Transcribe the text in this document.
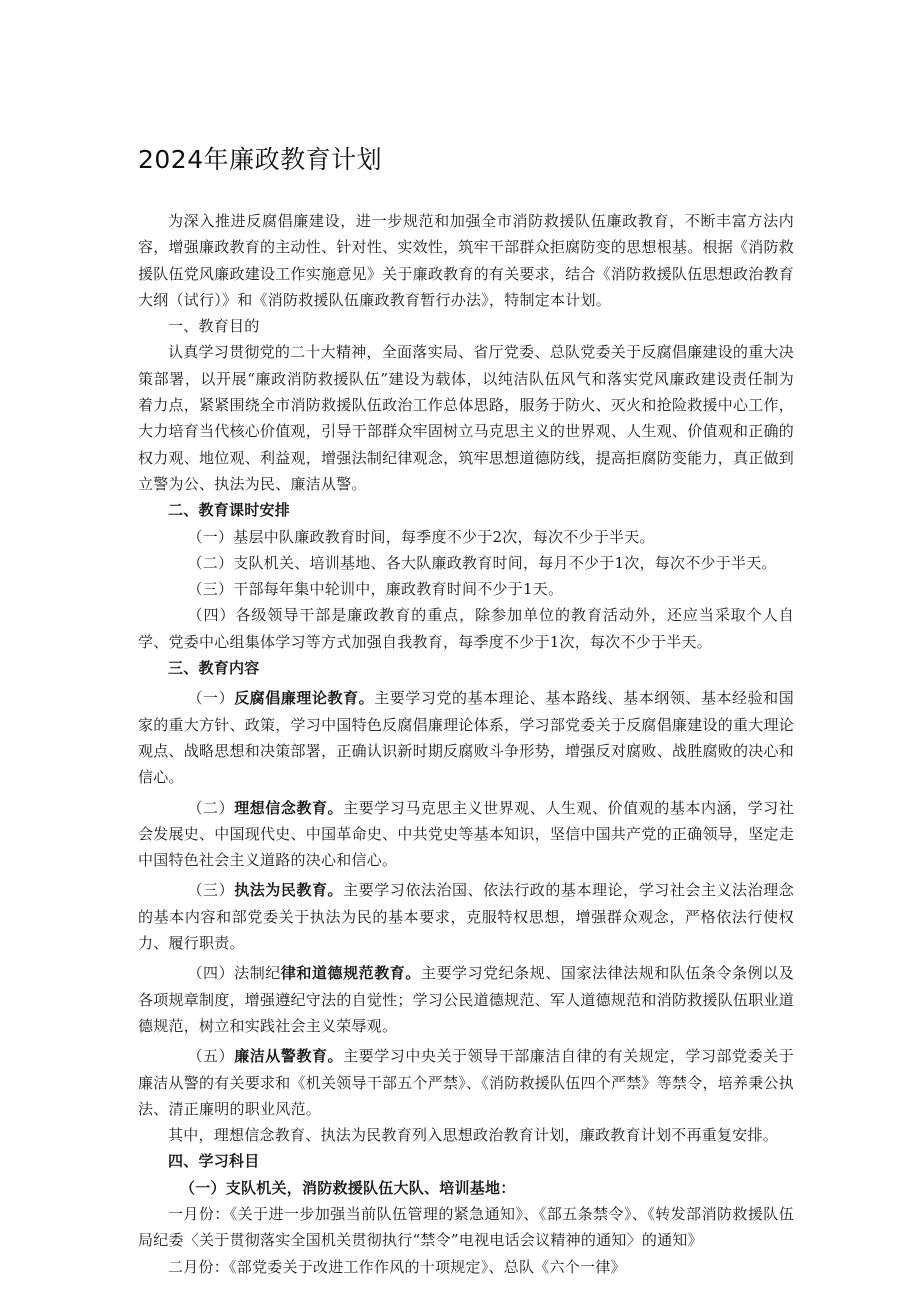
2024年廉政教育计划

为深入推进反腐倡廉建设，进一步规范和加强全市消防救援队伍廉政教育，不断丰富方法内容，增强廉政教育的主动性、针对性、实效性，筑牢干部群众拒腐防变的思想根基。根据《消防救援队伍党风廉政建设工作实施意见》关于廉政教育的有关要求，结合《消防救援队伍思想政治教育大纲（试行）》和《消防救援队伍廉政教育暂行办法》，特制定本计划。

一、教育目的

认真学习贯彻党的二十大精神，全面落实局、省厅党委、总队党委关于反腐倡廉建设的重大决策部署，以开展“廉政消防救援队伍”建设为载体，以纯洁队伍风气和落实党风廉政建设责任制为着力点，紧紧围绕全市消防救援队伍政治工作总体思路，服务于防火、灭火和抢险救援中心工作，大力培育当代核心价值观，引导干部群众牢固树立马克思主义的世界观、人生观、价值观和正确的权力观、地位观、利益观，增强法制纪律观念，筑牢思想道德防线，提高拒腐防变能力，真正做到立警为公、执法为民、廉洁从警。

二、教育课时安排

（一）基层中队廉政教育时间，每季度不少于2次，每次不少于半天。

（二）支队机关、培训基地、各大队廉政教育时间，每月不少于1次，每次不少于半天。

（三）干部每年集中轮训中，廉政教育时间不少于1天。

（四）各级领导干部是廉政教育的重点，除参加单位的教育活动外，还应当采取个人自学、党委中心组集体学习等方式加强自我教育，每季度不少于1次，每次不少于半天。

三、教育内容

（一）反腐倡廉理论教育。主要学习党的基本理论、基本路线、基本纲领、基本经验和国家的重大方针、政策，学习中国特色反腐倡廉理论体系，学习部党委关于反腐倡廉建设的重大理论观点、战略思想和决策部署，正确认识新时期反腐败斗争形势，增强反对腐败、战胜腐败的决心和信心。

（二）理想信念教育。主要学习马克思主义世界观、人生观、价值观的基本内涵，学习社会发展史、中国现代史、中国革命史、中共党史等基本知识，坚信中国共产党的正确领导，坚定走中国特色社会主义道路的决心和信心。

（三）执法为民教育。主要学习依法治国、依法行政的基本理论，学习社会主义法治理念的基本内容和部党委关于执法为民的基本要求，克服特权思想，增强群众观念，严格依法行使权力、履行职责。

（四）法制纪律和道德规范教育。主要学习党纪条规、国家法律法规和队伍条令条例以及各项规章制度，增强遵纪守法的自觉性；学习公民道德规范、军人道德规范和消防救援队伍职业道德规范，树立和实践社会主义荣辱观。

（五）廉洁从警教育。主要学习中央关于领导干部廉洁自律的有关规定，学习部党委关于廉洁从警的有关要求和《机关领导干部五个严禁》、《消防救援队伍四个严禁》等禁令，培养秉公执法、清正廉明的职业风范。

其中，理想信念教育、执法为民教育列入思想政治教育计划，廉政教育计划不再重复安排。

四、学习科目

（一）支队机关，消防救援队伍大队、培训基地：

一月份：《关于进一步加强当前队伍管理的紧急通知》、《部五条禁令》、《转发部消防救援队伍局纪委〈关于贯彻落实全国机关贯彻执行“禁令”电视电话会议精神的通知〉的通知》

二月份：《部党委关于改进工作作风的十项规定》、总队《六个一律》
